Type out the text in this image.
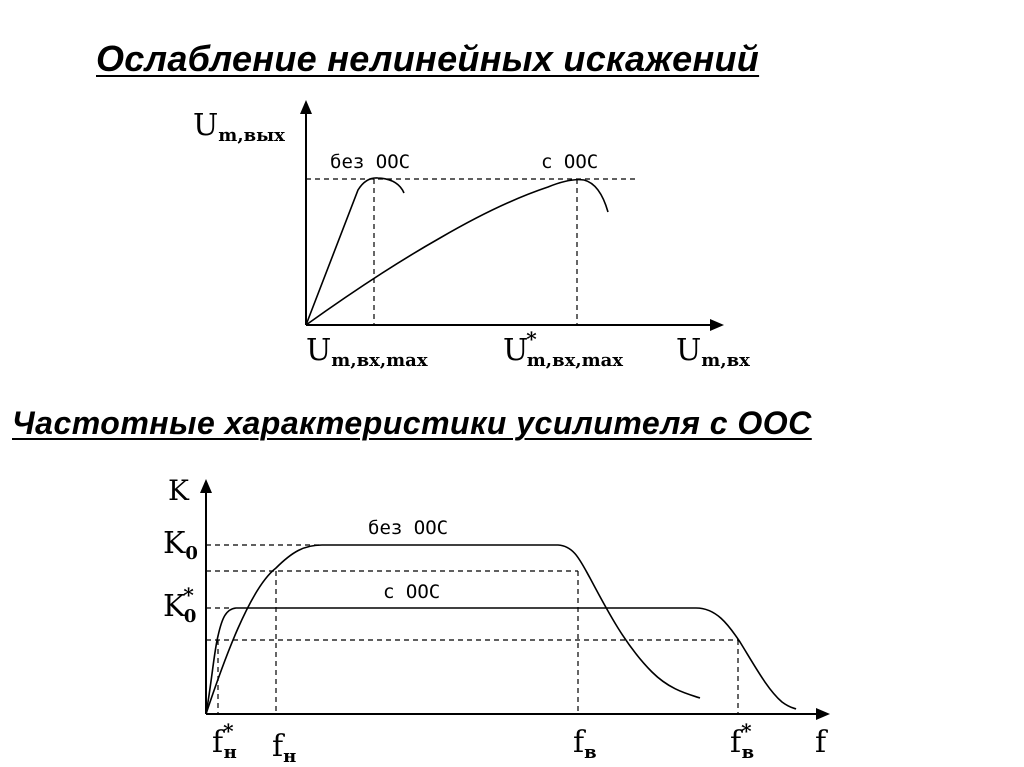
Ослабление нелинейных искажений
$U_{m,вых}$
без ООС	с ООС
$U_{m,вх,max}$	U* m,вх,max $U_{m,вх}$
Частотные характеристики усилителя с ООС
K
$K_0$
K* 0
без ООС
с ООС
f* н $f_н$	$f_в$	f* в f
